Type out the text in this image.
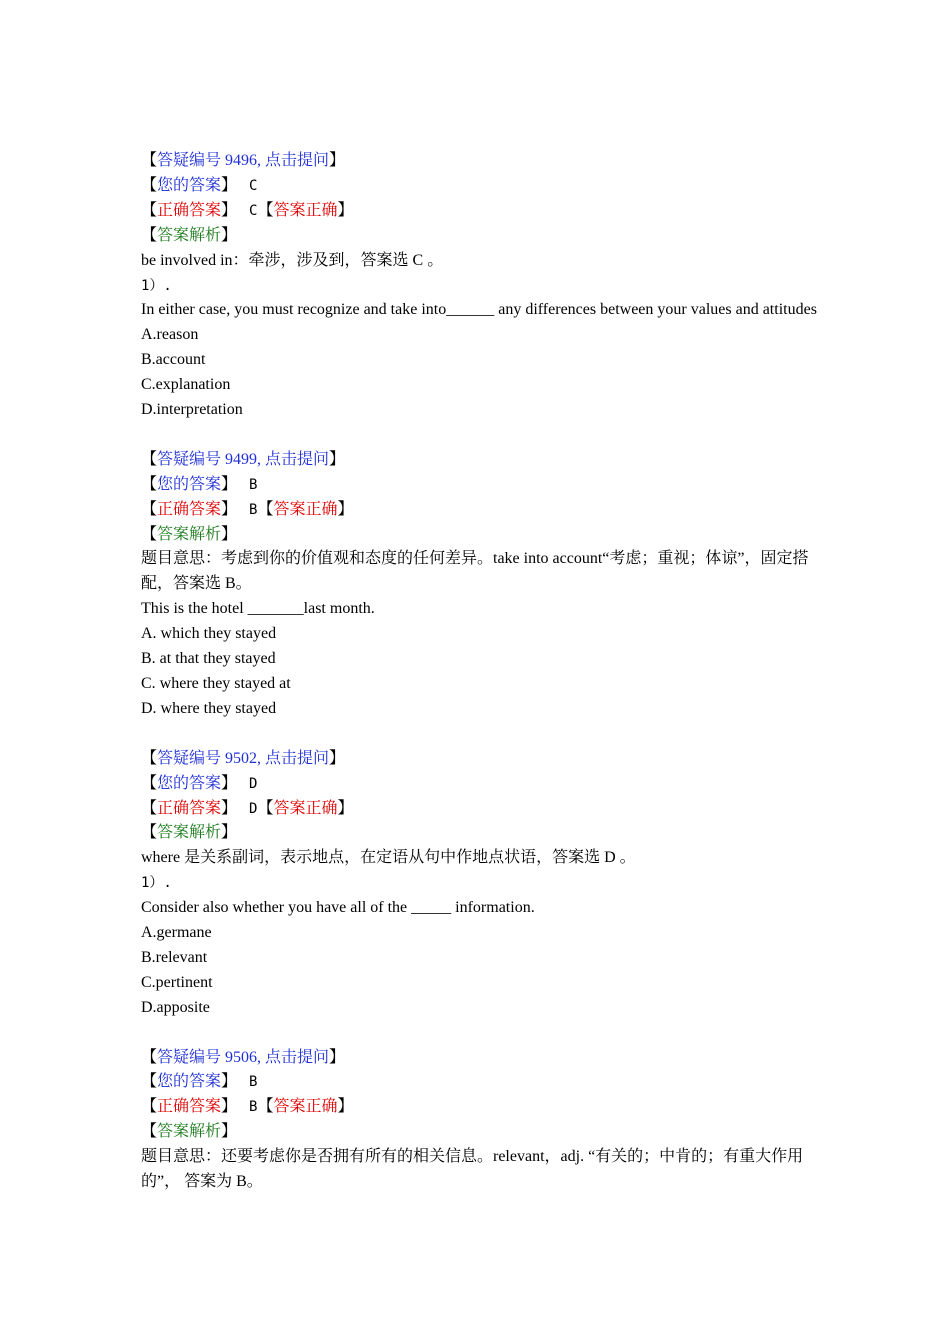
【答疑编号 9496, 点击提问】

【您的答案】 C

【正确答案】 C【答案正确】

【答案解析】

be involved in：牵涉，涉及到，答案选 C 。

1）.

In either case, you must recognize and take into______ any differences between your values and attitudes

A.reason

B.account

C.explanation

D.interpretation

【答疑编号 9499, 点击提问】

【您的答案】 B

【正确答案】 B【答案正确】

【答案解析】

题目意思：考虑到你的价值观和态度的任何差异。take into account“考虑；重视；体谅”，固定搭配，答案选 B。

This is the hotel _______last month.

A. which they stayed

B. at that they stayed

C. where they stayed at

D. where they stayed

【答疑编号 9502, 点击提问】

【您的答案】 D

【正确答案】 D【答案正确】

【答案解析】

where 是关系副词，表示地点，在定语从句中作地点状语，答案选 D 。

1）.

Consider also whether you have all of the _____ information.

A.germane

B.relevant

C.pertinent

D.apposite

【答疑编号 9506, 点击提问】

【您的答案】 B

【正确答案】 B【答案正确】

【答案解析】

题目意思：还要考虑你是否拥有所有的相关信息。relevant，adj. “有关的；中肯的；有重大作用的”， 答案为 B。
